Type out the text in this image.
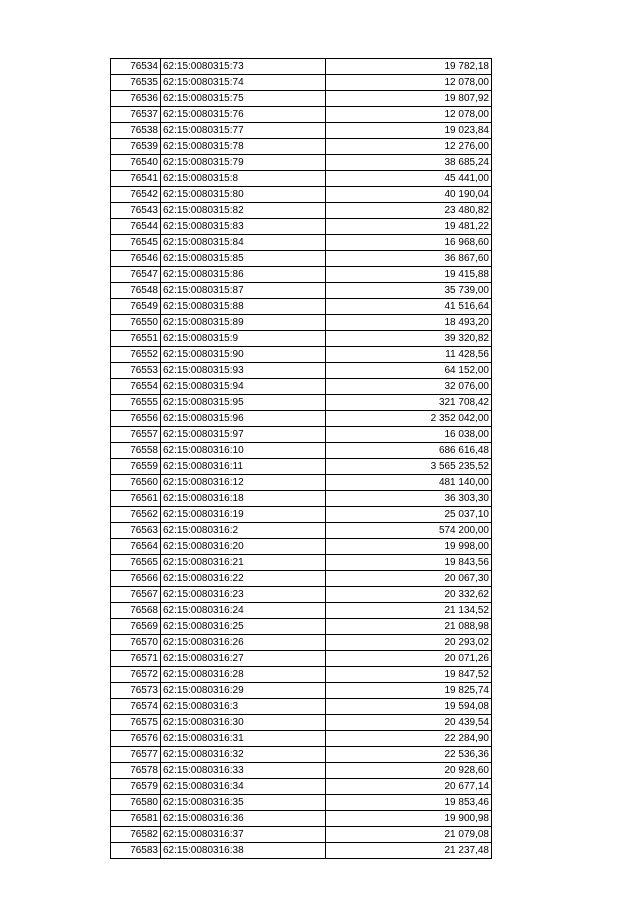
76534	62:15:0080315:73	19 782,18
76535	62:15:0080315:74	12 078,00
76536	62:15:0080315:75	19 807,92
76537	62:15:0080315:76	12 078,00
76538	62:15:0080315:77	19 023,84
76539	62:15:0080315:78	12 276,00
76540	62:15:0080315:79	38 685,24
76541	62:15:0080315:8	45 441,00
76542	62:15:0080315:80	40 190,04
76543	62:15:0080315:82	23 480,82
76544	62:15:0080315:83	19 481,22
76545	62:15:0080315:84	16 968,60
76546	62:15:0080315:85	36 867,60
76547	62:15:0080315:86	19 415,88
76548	62:15:0080315:87	35 739,00
76549	62:15:0080315:88	41 516,64
76550	62:15:0080315:89	18 493,20
76551	62:15:0080315:9	39 320,82
76552	62:15:0080315:90	11 428,56
76553	62:15:0080315:93	64 152,00
76554	62:15:0080315:94	32 076,00
76555	62:15:0080315:95	321 708,42
76556	62:15:0080315:96	2 352 042,00
76557	62:15:0080315:97	16 038,00
76558	62:15:0080316:10	686 616,48
76559	62:15:0080316:11	3 565 235,52
76560	62:15:0080316:12	481 140,00
76561	62:15:0080316:18	36 303,30
76562	62:15:0080316:19	25 037,10
76563	62:15:0080316:2	574 200,00
76564	62:15:0080316:20	19 998,00
76565	62:15:0080316:21	19 843,56
76566	62:15:0080316:22	20 067,30
76567	62:15:0080316:23	20 332,62
76568	62:15:0080316:24	21 134,52
76569	62:15:0080316:25	21 088,98
76570	62:15:0080316:26	20 293,02
76571	62:15:0080316:27	20 071,26
76572	62:15:0080316:28	19 847,52
76573	62:15:0080316:29	19 825,74
76574	62:15:0080316:3	19 594,08
76575	62:15:0080316:30	20 439,54
76576	62:15:0080316:31	22 284,90
76577	62:15:0080316:32	22 536,36
76578	62:15:0080316:33	20 928,60
76579	62:15:0080316:34	20 677,14
76580	62:15:0080316:35	19 853,46
76581	62:15:0080316:36	19 900,98
76582	62:15:0080316:37	21 079,08
76583	62:15:0080316:38	21 237,48
